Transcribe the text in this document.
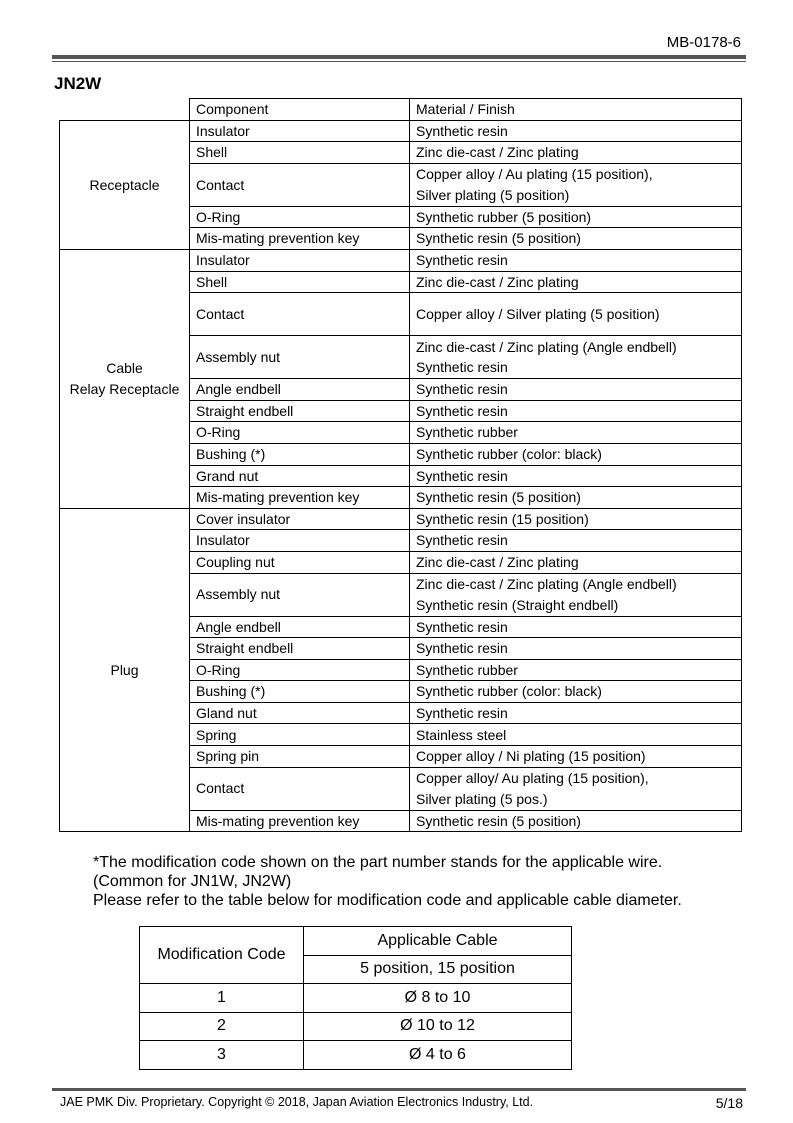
MB-0178-6
JN2W
	Component	Material / Finish

Receptacle	Insulator	Synthetic resin

	Shell	Zinc die-cast / Zinc plating

	Contact	Copper alloy / Au plating (15 position),
Silver plating (5 position)

	O-Ring	Synthetic rubber (5 position)

	Mis-mating prevention key	Synthetic resin (5 position)

Cable
Relay Receptacle	Insulator	Synthetic resin

	Shell	Zinc die-cast / Zinc plating

	Contact	Copper alloy / Silver plating (5 position)

	Assembly nut	Zinc die-cast / Zinc plating (Angle endbell)
Synthetic resin

	Angle endbell	Synthetic resin

	Straight endbell	Synthetic resin

	O-Ring	Synthetic rubber

	Bushing (*)	Synthetic rubber (color: black)

	Grand nut	Synthetic resin

	Mis-mating prevention key	Synthetic resin (5 position)

Plug	Cover insulator	Synthetic resin (15 position)

	Insulator	Synthetic resin

	Coupling nut	Zinc die-cast / Zinc plating

	Assembly nut	Zinc die-cast / Zinc plating (Angle endbell)
Synthetic resin (Straight endbell)

	Angle endbell	Synthetic resin

	Straight endbell	Synthetic resin

	O-Ring	Synthetic rubber

	Bushing (*)	Synthetic rubber (color: black)

	Gland nut	Synthetic resin

	Spring	Stainless steel

	Spring pin	Copper alloy / Ni plating (15 position)

	Contact	Copper alloy/ Au plating (15 position),
Silver plating (5 pos.)

	Mis-mating prevention key	Synthetic resin (5 position)
*The modification code shown on the part number stands for the applicable wire.
(Common for JN1W, JN2W)
Please refer to the table below for modification code and applicable cable diameter.
Modification Code	Applicable Cable
	5 position, 15 position
1	Ø 8 to 10
2	Ø 10 to 12
3	Ø 4 to 6
JAE PMK Div. Proprietary. Copyright © 2018, Japan Aviation Electronics Industry, Ltd.	5/18
